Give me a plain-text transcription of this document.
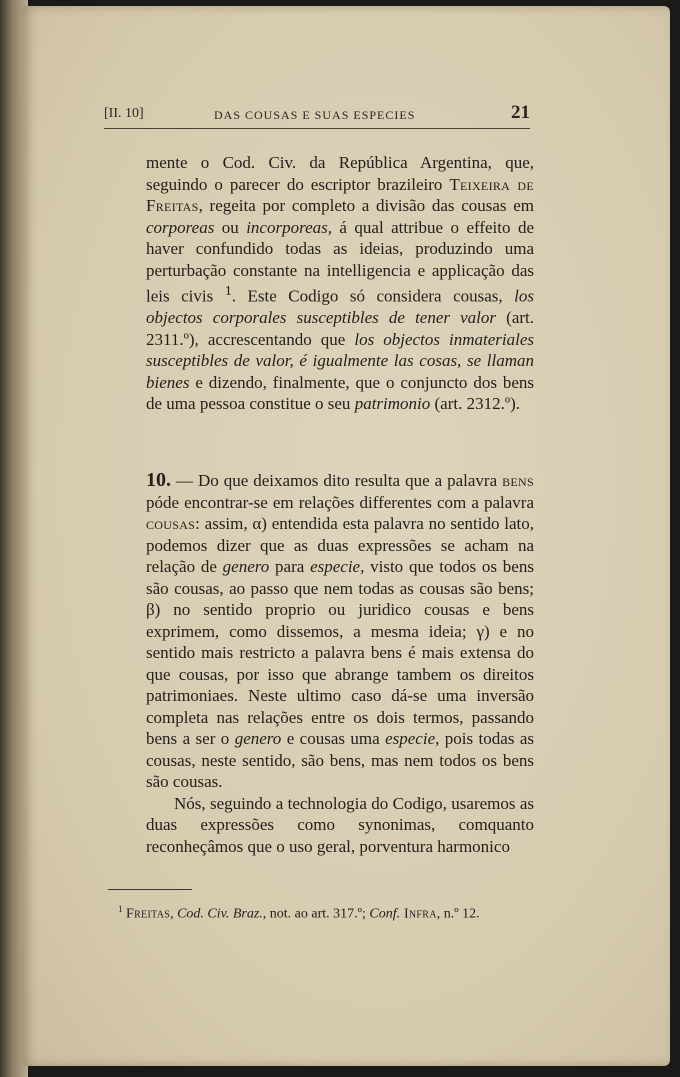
[II. 10]	DAS COUSAS E SUAS ESPECIES	21

mente o Cod. Civ. da República Argentina, que, seguindo o parecer do escriptor brazileiro Teixeira de Freitas, regeita por completo a divisão das cousas em corporeas ou incorporeas, á qual attribue o effeito de haver confundido todas as ideias, produzindo uma perturbação constante na intelligencia e applicação das leis civis $^1$. Este Codigo só considera cousas, los objectos corporales susceptibles de tener valor (art. 2311.º), accrescentando que los objectos inmateriales susceptibles de valor, é igualmente las cosas, se llaman bienes e dizendo, finalmente, que o conjuncto dos bens de uma pessoa constitue o seu patrimonio (art. 2312.º).

10. — Do que deixamos dito resulta que a palavra bens póde encontrar-se em relações differentes com a palavra cousas: assim, α) entendida esta palavra no sentido lato, podemos dizer que as duas expressões se acham na relação de genero para especie, visto que todos os bens são cousas, ao passo que nem todas as cousas são bens; β) no sentido proprio ou juridico cousas e bens exprimem, como dissemos, a mesma ideia; γ) e no sentido mais restricto a palavra bens é mais extensa do que cousas, por isso que abrange tambem os direitos patrimoniaes. Neste ultimo caso dá-se uma inversão completa nas relações entre os dois termos, passando bens a ser o genero e cousas uma especie, pois todas as cousas, neste sentido, são bens, mas nem todos os bens são cousas.

Nós, seguindo a technologia do Codigo, usaremos as duas expressões como synonimas, comquanto reconheçâmos que o uso geral, porventura harmonico

$^1$ Freitas, Cod. Civ. Braz., not. ao art. 317.º; Conf. Infra, n.º 12.
